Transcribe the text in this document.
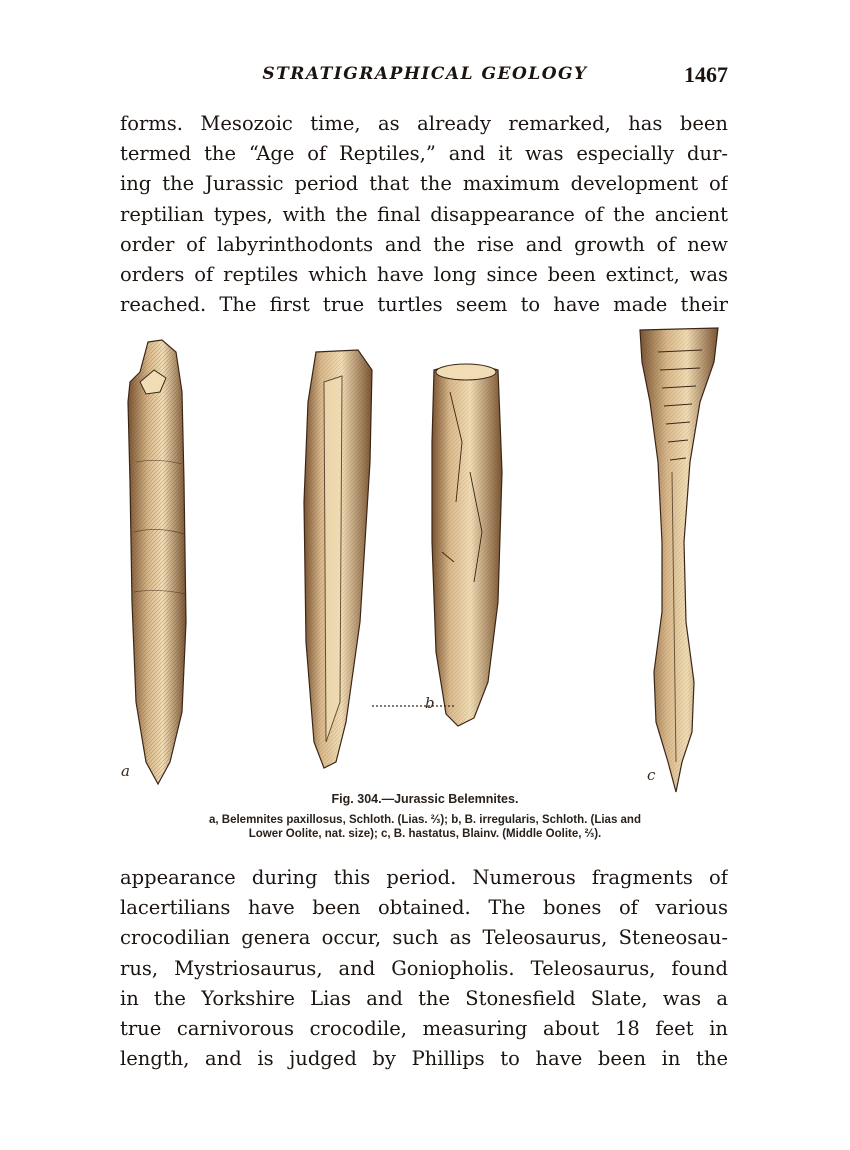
STRATIGRAPHICAL GEOLOGY	1467
forms. Mesozoic time, as already remarked, has been
termed the “Age of Reptiles,” and it was especially dur-
ing the Jurassic period that the maximum development of
reptilian types, with the final disappearance of the ancient
order of labyrinthodonts and the rise and growth of new
orders of reptiles which have long since been extinct, was
reached. The first true turtles seem to have made their
a
b
c
Fig. 304.—Jurassic Belemnites.
a, Belemnites paxillosus, Schloth. (Lias. ⅔); b, B. irregularis, Schloth. (Lias and
Lower Oolite, nat. size); c, B. hastatus, Blainv. (Middle Oolite, ⅔).
appearance during this period. Numerous fragments of
lacertilians have been obtained. The bones of various
crocodilian genera occur, such as Teleosaurus, Steneosau-
rus, Mystriosaurus, and Goniopholis. Teleosaurus, found
in the Yorkshire Lias and the Stonesfield Slate, was a
true carnivorous crocodile, measuring about 18 feet in
length, and is judged by Phillips to have been in the
